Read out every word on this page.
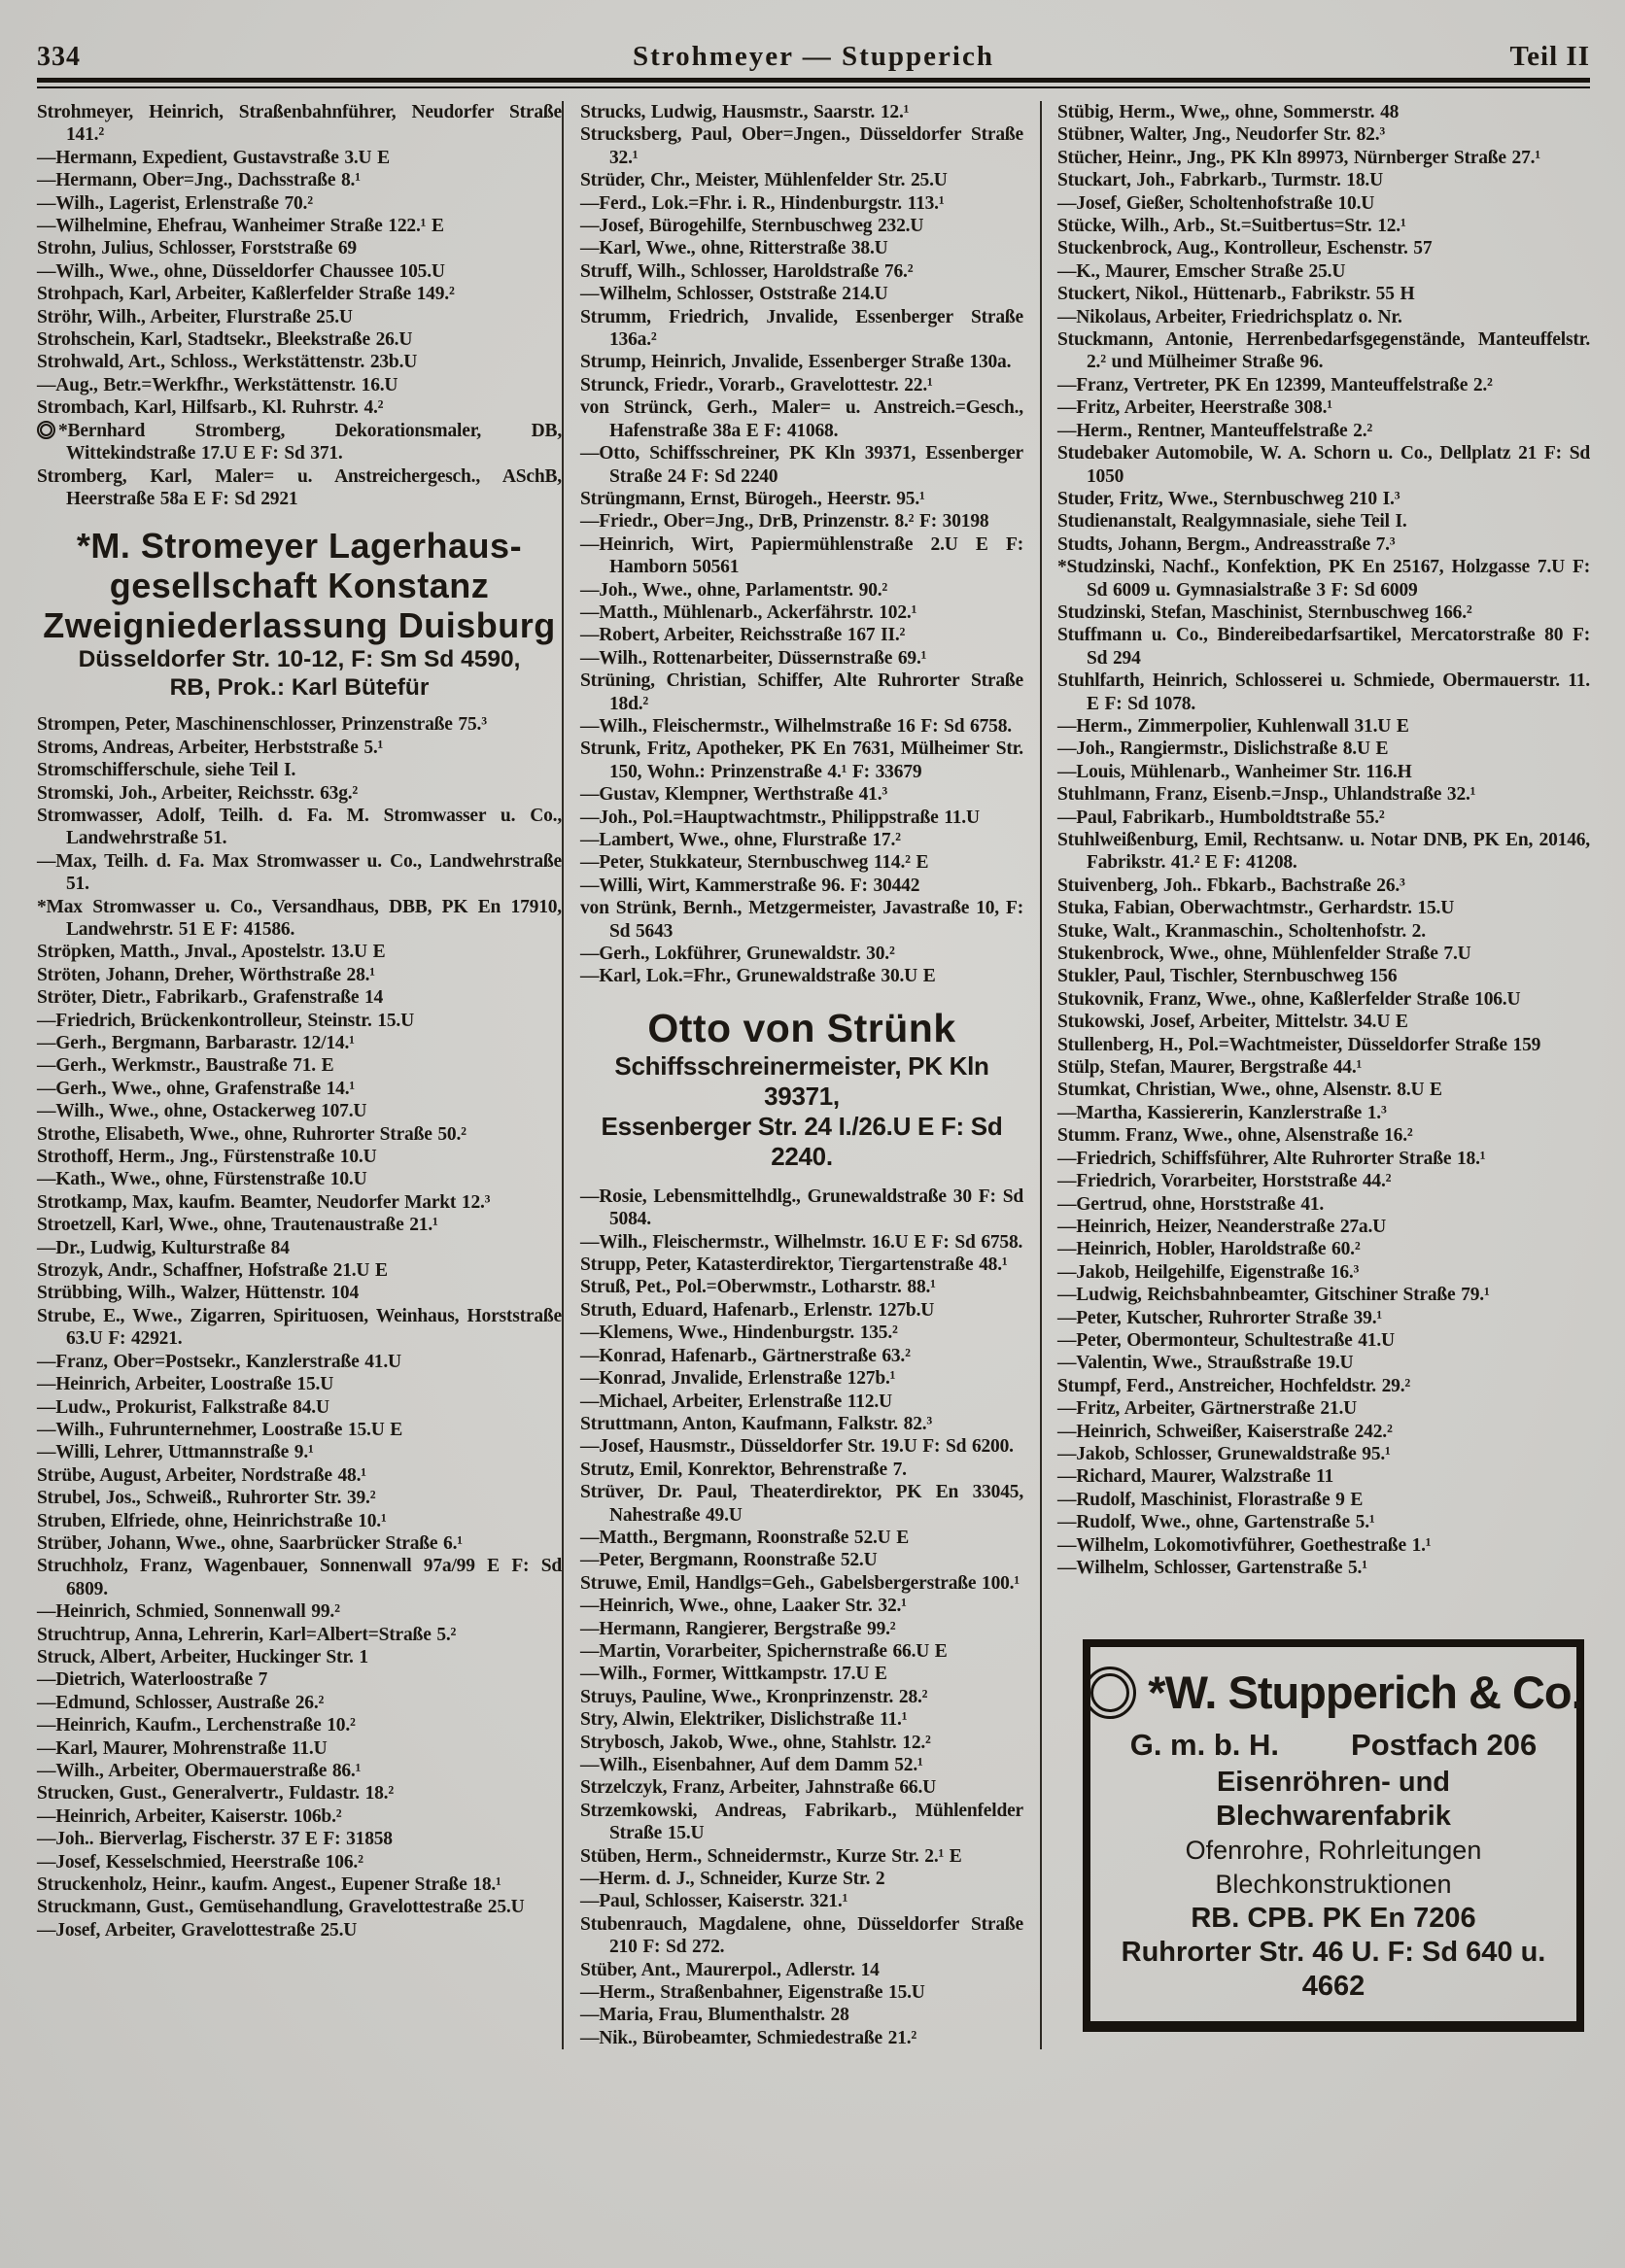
334	Strohmeyer — Stupperich	Teil II
Strohmeyer, Heinrich, Straßenbahnführer, Neudorfer Straße 141.²
—Hermann, Expedient, Gustavstraße 3.U E
—Hermann, Ober=Jng., Dachsstraße 8.¹
—Wilh., Lagerist, Erlenstraße 70.²
—Wilhelmine, Ehefrau, Wanheimer Straße 122.¹ E
Strohn, Julius, Schlosser, Forststraße 69
—Wilh., Wwe., ohne, Düsseldorfer Chaussee 105.U
Strohpach, Karl, Arbeiter, Kaßlerfelder Straße 149.²
Ströhr, Wilh., Arbeiter, Flurstraße 25.U
Strohschein, Karl, Stadtsekr., Bleekstraße 26.U
Strohwald, Art., Schloss., Werkstättenstr. 23b.U
—Aug., Betr.=Werkfhr., Werkstättenstr. 16.U
Strombach, Karl, Hilfsarb., Kl. Ruhrstr. 4.²
*Bernhard Stromberg, Dekorationsmaler, DB, Wittekindstraße 17.U E F: Sd 371.
Stromberg, Karl, Maler= u. Anstreichergesch., ASchB, Heerstraße 58a E F: Sd 2921
*M. Stromeyer Lagerhaus-
gesellschaft Konstanz
Zweigniederlassung Duisburg
Düsseldorfer Str. 10-12, F: Sm Sd 4590,
RB, Prok.: Karl Bütefür
Strompen, Peter, Maschinenschlosser, Prinzenstraße 75.³
Stroms, Andreas, Arbeiter, Herbststraße 5.¹
Stromschifferschule, siehe Teil I.
Stromski, Joh., Arbeiter, Reichsstr. 63g.²
Stromwasser, Adolf, Teilh. d. Fa. M. Stromwasser u. Co., Landwehrstraße 51.
—Max, Teilh. d. Fa. Max Stromwasser u. Co., Landwehrstraße 51.
*Max Stromwasser u. Co., Versandhaus, DBB, PK En 17910, Landwehrstr. 51 E F: 41586.
Ströpken, Matth., Jnval., Apostelstr. 13.U E
Ströten, Johann, Dreher, Wörthstraße 28.¹
Ströter, Dietr., Fabrikarb., Grafenstraße 14
—Friedrich, Brückenkontrolleur, Steinstr. 15.U
—Gerh., Bergmann, Barbarastr. 12/14.¹
—Gerh., Werkmstr., Baustraße 71. E
—Gerh., Wwe., ohne, Grafenstraße 14.¹
—Wilh., Wwe., ohne, Ostackerweg 107.U
Strothe, Elisabeth, Wwe., ohne, Ruhrorter Straße 50.²
Strothoff, Herm., Jng., Fürstenstraße 10.U
—Kath., Wwe., ohne, Fürstenstraße 10.U
Strotkamp, Max, kaufm. Beamter, Neudorfer Markt 12.³
Stroetzell, Karl, Wwe., ohne, Trautenaustraße 21.¹
—Dr., Ludwig, Kulturstraße 84
Strozyk, Andr., Schaffner, Hofstraße 21.U E
Strübbing, Wilh., Walzer, Hüttenstr. 104
Strube, E., Wwe., Zigarren, Spirituosen, Weinhaus, Horststraße 63.U F: 42921.
—Franz, Ober=Postsekr., Kanzlerstraße 41.U
—Heinrich, Arbeiter, Loostraße 15.U
—Ludw., Prokurist, Falkstraße 84.U
—Wilh., Fuhrunternehmer, Loostraße 15.U E
—Willi, Lehrer, Uttmannstraße 9.¹
Strübe, August, Arbeiter, Nordstraße 48.¹
Strubel, Jos., Schweiß., Ruhrorter Str. 39.²
Struben, Elfriede, ohne, Heinrichstraße 10.¹
Strüber, Johann, Wwe., ohne, Saarbrücker Straße 6.¹
Struchholz, Franz, Wagenbauer, Sonnenwall 97a/99 E F: Sd 6809.
—Heinrich, Schmied, Sonnenwall 99.²
Struchtrup, Anna, Lehrerin, Karl=Albert=Straße 5.²
Struck, Albert, Arbeiter, Huckinger Str. 1
—Dietrich, Waterloostraße 7
—Edmund, Schlosser, Austraße 26.²
—Heinrich, Kaufm., Lerchenstraße 10.²
—Karl, Maurer, Mohrenstraße 11.U
—Wilh., Arbeiter, Obermauerstraße 86.¹
Strucken, Gust., Generalvertr., Fuldastr. 18.²
—Heinrich, Arbeiter, Kaiserstr. 106b.²
—Joh.. Bierverlag, Fischerstr. 37 E F: 31858
—Josef, Kesselschmied, Heerstraße 106.²
Struckenholz, Heinr., kaufm. Angest., Eupener Straße 18.¹
Struckmann, Gust., Gemüsehandlung, Gravelottestraße 25.U
—Josef, Arbeiter, Gravelottestraße 25.U
Strucks, Ludwig, Hausmstr., Saarstr. 12.¹
Strucksberg, Paul, Ober=Jngen., Düsseldorfer Straße 32.¹
Strüder, Chr., Meister, Mühlenfelder Str. 25.U
—Ferd., Lok.=Fhr. i. R., Hindenburgstr. 113.¹
—Josef, Bürogehilfe, Sternbuschweg 232.U
—Karl, Wwe., ohne, Ritterstraße 38.U
Struff, Wilh., Schlosser, Haroldstraße 76.²
—Wilhelm, Schlosser, Oststraße 214.U
Strumm, Friedrich, Jnvalide, Essenberger Straße 136a.²
Strump, Heinrich, Jnvalide, Essenberger Straße 130a.
Strunck, Friedr., Vorarb., Gravelottestr. 22.¹
von Strünck, Gerh., Maler= u. Anstreich.=Gesch., Hafenstraße 38a E F: 41068.
—Otto, Schiffsschreiner, PK Kln 39371, Essenberger Straße 24 F: Sd 2240
Strüngmann, Ernst, Bürogeh., Heerstr. 95.¹
—Friedr., Ober=Jng., DrB, Prinzenstr. 8.² F: 30198
—Heinrich, Wirt, Papiermühlenstraße 2.U E F: Hamborn 50561
—Joh., Wwe., ohne, Parlamentstr. 90.²
—Matth., Mühlenarb., Ackerfährstr. 102.¹
—Robert, Arbeiter, Reichsstraße 167 II.²
—Wilh., Rottenarbeiter, Düssernstraße 69.¹
Strüning, Christian, Schiffer, Alte Ruhrorter Straße 18d.²
—Wilh., Fleischermstr., Wilhelmstraße 16 F: Sd 6758.
Strunk, Fritz, Apotheker, PK En 7631, Mülheimer Str. 150, Wohn.: Prinzenstraße 4.¹ F: 33679
—Gustav, Klempner, Werthstraße 41.³
—Joh., Pol.=Hauptwachtmstr., Philippstraße 11.U
—Lambert, Wwe., ohne, Flurstraße 17.²
—Peter, Stukkateur, Sternbuschweg 114.² E
—Willi, Wirt, Kammerstraße 96. F: 30442
von Strünk, Bernh., Metzgermeister, Javastraße 10, F: Sd 5643
—Gerh., Lokführer, Grunewaldstr. 30.²
—Karl, Lok.=Fhr., Grunewaldstraße 30.U E
Otto von Strünk
Schiffsschreinermeister, PK Kln 39371,
Essenberger Str. 24 I./26.U E F: Sd 2240.
—Rosie, Lebensmittelhdlg., Grunewaldstraße 30 F: Sd 5084.
—Wilh., Fleischermstr., Wilhelmstr. 16.U E F: Sd 6758.
Strupp, Peter, Katasterdirektor, Tiergartenstraße 48.¹
Struß, Pet., Pol.=Oberwmstr., Lotharstr. 88.¹
Struth, Eduard, Hafenarb., Erlenstr. 127b.U
—Klemens, Wwe., Hindenburgstr. 135.²
—Konrad, Hafenarb., Gärtnerstraße 63.²
—Konrad, Jnvalide, Erlenstraße 127b.¹
—Michael, Arbeiter, Erlenstraße 112.U
Struttmann, Anton, Kaufmann, Falkstr. 82.³
—Josef, Hausmstr., Düsseldorfer Str. 19.U F: Sd 6200.
Strutz, Emil, Konrektor, Behrenstraße 7.
Strüver, Dr. Paul, Theaterdirektor, PK En 33045, Nahestraße 49.U
—Matth., Bergmann, Roonstraße 52.U E
—Peter, Bergmann, Roonstraße 52.U
Struwe, Emil, Handlgs=Geh., Gabelsbergerstraße 100.¹
—Heinrich, Wwe., ohne, Laaker Str. 32.¹
—Hermann, Rangierer, Bergstraße 99.²
—Martin, Vorarbeiter, Spichernstraße 66.U E
—Wilh., Former, Wittkampstr. 17.U E
Struys, Pauline, Wwe., Kronprinzenstr. 28.²
Stry, Alwin, Elektriker, Dislichstraße 11.¹
Strybosch, Jakob, Wwe., ohne, Stahlstr. 12.²
—Wilh., Eisenbahner, Auf dem Damm 52.¹
Strzelczyk, Franz, Arbeiter, Jahnstraße 66.U
Strzemkowski, Andreas, Fabrikarb., Mühlenfelder Straße 15.U
Stüben, Herm., Schneidermstr., Kurze Str. 2.¹ E
—Herm. d. J., Schneider, Kurze Str. 2
—Paul, Schlosser, Kaiserstr. 321.¹
Stubenrauch, Magdalene, ohne, Düsseldorfer Straße 210 F: Sd 272.
Stüber, Ant., Maurerpol., Adlerstr. 14
—Herm., Straßenbahner, Eigenstraße 15.U
—Maria, Frau, Blumenthalstr. 28
—Nik., Bürobeamter, Schmiedestraße 21.²
Stübig, Herm., Wwe,, ohne, Sommerstr. 48
Stübner, Walter, Jng., Neudorfer Str. 82.³
Stücher, Heinr., Jng., PK Kln 89973, Nürnberger Straße 27.¹
Stuckart, Joh., Fabrkarb., Turmstr. 18.U
—Josef, Gießer, Scholtenhofstraße 10.U
Stücke, Wilh., Arb., St.=Suitbertus=Str. 12.¹
Stuckenbrock, Aug., Kontrolleur, Eschenstr. 57
—K., Maurer, Emscher Straße 25.U
Stuckert, Nikol., Hüttenarb., Fabrikstr. 55 H
—Nikolaus, Arbeiter, Friedrichsplatz o. Nr.
Stuckmann, Antonie, Herrenbedarfsgegenstände, Manteuffelstr. 2.² und Mülheimer Straße 96.
—Franz, Vertreter, PK En 12399, Manteuffelstraße 2.²
—Fritz, Arbeiter, Heerstraße 308.¹
—Herm., Rentner, Manteuffelstraße 2.²
Studebaker Automobile, W. A. Schorn u. Co., Dellplatz 21 F: Sd 1050
Studer, Fritz, Wwe., Sternbuschweg 210 I.³
Studienanstalt, Realgymnasiale, siehe Teil I.
Studts, Johann, Bergm., Andreasstraße 7.³
*Studzinski, Nachf., Konfektion, PK En 25167, Holzgasse 7.U F: Sd 6009 u. Gymnasialstraße 3 F: Sd 6009
Studzinski, Stefan, Maschinist, Sternbuschweg 166.²
Stuffmann u. Co., Bindereibedarfsartikel, Mercatorstraße 80 F: Sd 294
Stuhlfarth, Heinrich, Schlosserei u. Schmiede, Obermauerstr. 11. E F: Sd 1078.
—Herm., Zimmerpolier, Kuhlenwall 31.U E
—Joh., Rangiermstr., Dislichstraße 8.U E
—Louis, Mühlenarb., Wanheimer Str. 116.H
Stuhlmann, Franz, Eisenb.=Jnsp., Uhlandstraße 32.¹
—Paul, Fabrikarb., Humboldtstraße 55.²
Stuhlweißenburg, Emil, Rechtsanw. u. Notar DNB, PK En, 20146, Fabrikstr. 41.² E F: 41208.
Stuivenberg, Joh.. Fbkarb., Bachstraße 26.³
Stuka, Fabian, Oberwachtmstr., Gerhardstr. 15.U
Stuke, Walt., Kranmaschin., Scholtenhofstr. 2.
Stukenbrock, Wwe., ohne, Mühlenfelder Straße 7.U
Stukler, Paul, Tischler, Sternbuschweg 156
Stukovnik, Franz, Wwe., ohne, Kaßlerfelder Straße 106.U
Stukowski, Josef, Arbeiter, Mittelstr. 34.U E
Stullenberg, H., Pol.=Wachtmeister, Düsseldorfer Straße 159
Stülp, Stefan, Maurer, Bergstraße 44.¹
Stumkat, Christian, Wwe., ohne, Alsenstr. 8.U E
—Martha, Kassiererin, Kanzlerstraße 1.³
Stumm. Franz, Wwe., ohne, Alsenstraße 16.²
—Friedrich, Schiffsführer, Alte Ruhrorter Straße 18.¹
—Friedrich, Vorarbeiter, Horststraße 44.²
—Gertrud, ohne, Horststraße 41.
—Heinrich, Heizer, Neanderstraße 27a.U
—Heinrich, Hobler, Haroldstraße 60.²
—Jakob, Heilgehilfe, Eigenstraße 16.³
—Ludwig, Reichsbahnbeamter, Gitschiner Straße 79.¹
—Peter, Kutscher, Ruhrorter Straße 39.¹
—Peter, Obermonteur, Schultestraße 41.U
—Valentin, Wwe., Straußstraße 19.U
Stumpf, Ferd., Anstreicher, Hochfeldstr. 29.²
—Fritz, Arbeiter, Gärtnerstraße 21.U
—Heinrich, Schweißer, Kaiserstraße 242.²
—Jakob, Schlosser, Grunewaldstraße 95.¹
—Richard, Maurer, Walzstraße 11
—Rudolf, Maschinist, Florastraße 9 E
—Rudolf, Wwe., ohne, Gartenstraße 5.¹
—Wilhelm, Lokomotivführer, Goethestraße 1.¹
—Wilhelm, Schlosser, Gartenstraße 5.¹
*W. Stupperich & Co.
G. m. b. H. Postfach 206
Eisenröhren- und Blechwarenfabrik
Ofenrohre, Rohrleitungen
Blechkonstruktionen
RB. CPB. PK En 7206
Ruhrorter Str. 46 U. F: Sd 640 u. 4662
